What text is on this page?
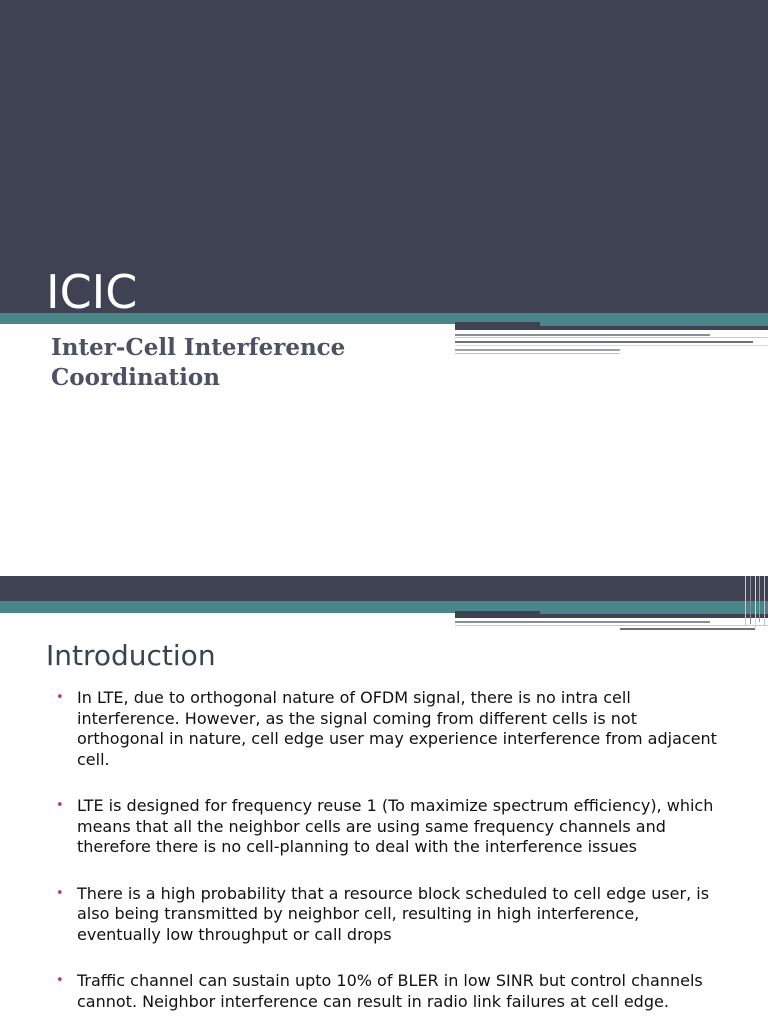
ICIC
Inter-Cell Interference Coordination
Introduction
• In LTE, due to orthogonal nature of OFDM signal, there is no intra cell interference. However, as the signal coming from different cells is not orthogonal in nature, cell edge user may experience interference from adjacent cell.
• LTE is designed for frequency reuse 1 (To maximize spectrum efficiency), which means that all the neighbor cells are using same frequency channels and therefore there is no cell-planning to deal with the interference issues
• There is a high probability that a resource block scheduled to cell edge user, is also being transmitted by neighbor cell, resulting in high interference, eventually low throughput or call drops
• Traffic channel can sustain upto 10% of BLER in low SINR but control channels cannot. Neighbor interference can result in radio link failures at cell edge.
